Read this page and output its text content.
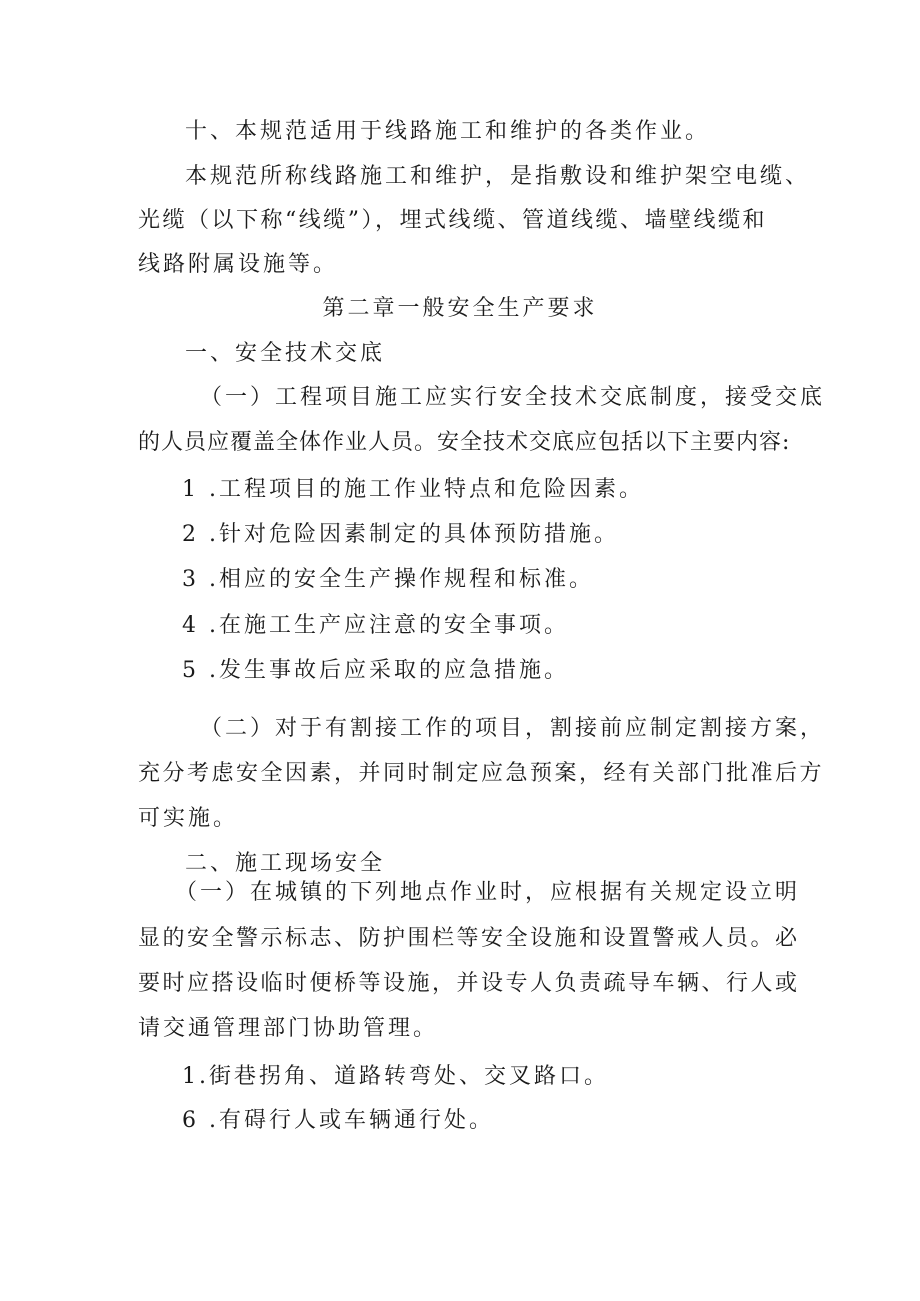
十、本规范适用于线路施工和维护的各类作业。
本规范所称线路施工和维护，是指敷设和维护架空电缆、
光缆（以下称“线缆”），埋式线缆、管道线缆、墙壁线缆和
线路附属设施等。
第二章一般安全生产要求
一、安全技术交底
（一）工程项目施工应实行安全技术交底制度，接受交底
的人员应覆盖全体作业人员。安全技术交底应包括以下主要内容:
1 .工程项目的施工作业特点和危险因素。
2 .针对危险因素制定的具体预防措施。
3 .相应的安全生产操作规程和标准。
4 .在施工生产应注意的安全事项。
5 .发生事故后应采取的应急措施。
（二）对于有割接工作的项目，割接前应制定割接方案，
充分考虑安全因素，并同时制定应急预案，经有关部门批准后方
可实施。
二、施工现场安全
（一）在城镇的下列地点作业时，应根据有关规定设立明
显的安全警示标志、防护围栏等安全设施和设置警戒人员。必
要时应搭设临时便桥等设施，并设专人负责疏导车辆、行人或
请交通管理部门协助管理。
1.街巷拐角、道路转弯处、交叉路口。
6 .有碍行人或车辆通行处。
